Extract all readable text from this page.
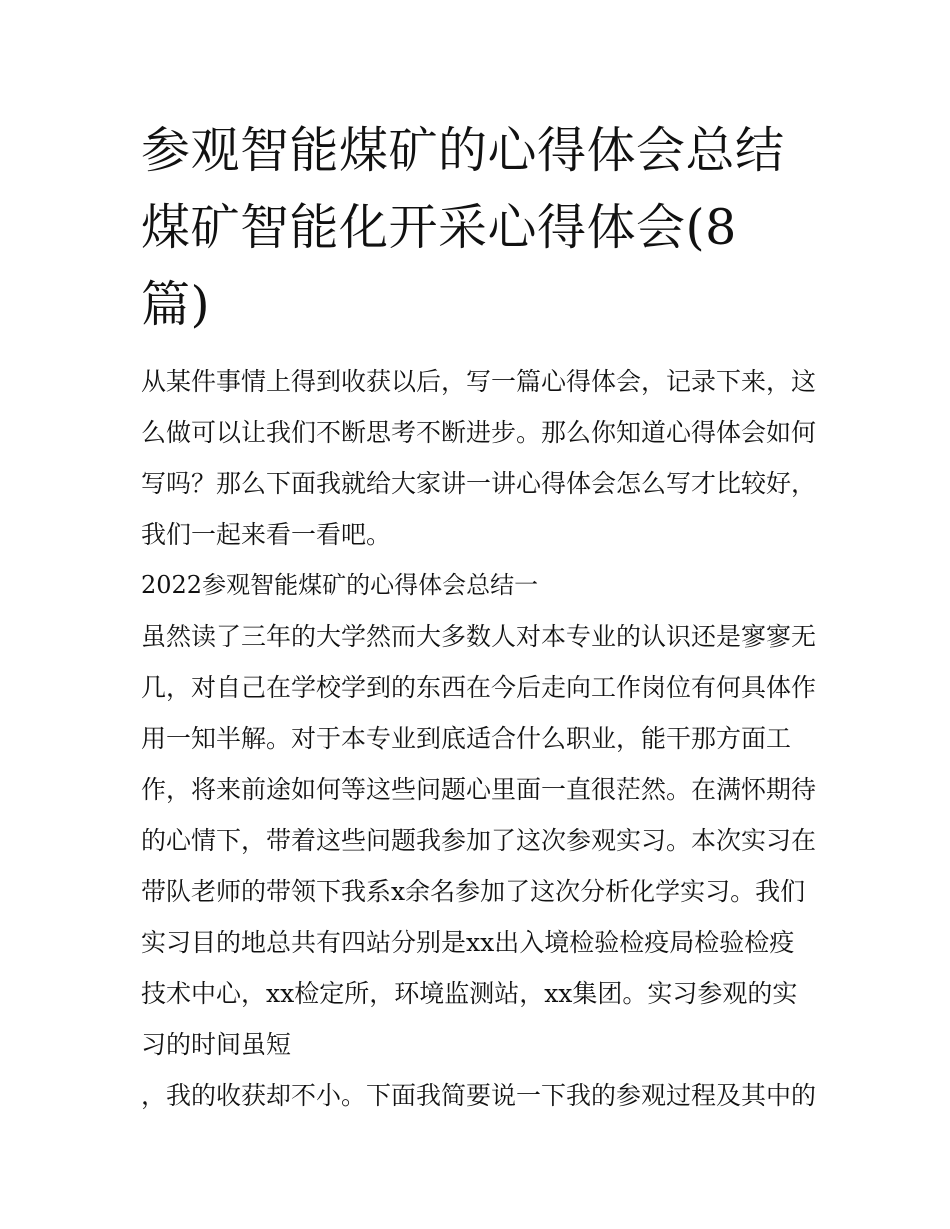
参观智能煤矿的心得体会总结
煤矿智能化开采心得体会(8
篇)
从某件事情上得到收获以后，写一篇心得体会，记录下来，这
么做可以让我们不断思考不断进步。那么你知道心得体会如何
写吗？那么下面我就给大家讲一讲心得体会怎么写才比较好，
我们一起来看一看吧。
2022参观智能煤矿的心得体会总结一
虽然读了三年的大学然而大多数人对本专业的认识还是寥寥无
几，对自己在学校学到的东西在今后走向工作岗位有何具体作
用一知半解。对于本专业到底适合什么职业，能干那方面工
作，将来前途如何等这些问题心里面一直很茫然。在满怀期待
的心情下，带着这些问题我参加了这次参观实习。本次实习在
带队老师的带领下我系x余名参加了这次分析化学实习。我们
实习目的地总共有四站分别是xx出入境检验检疫局检验检疫
技术中心，xx检定所，环境监测站，xx集团。实习参观的实
习的时间虽短
，我的收获却不小。下面我简要说一下我的参观过程及其中的
